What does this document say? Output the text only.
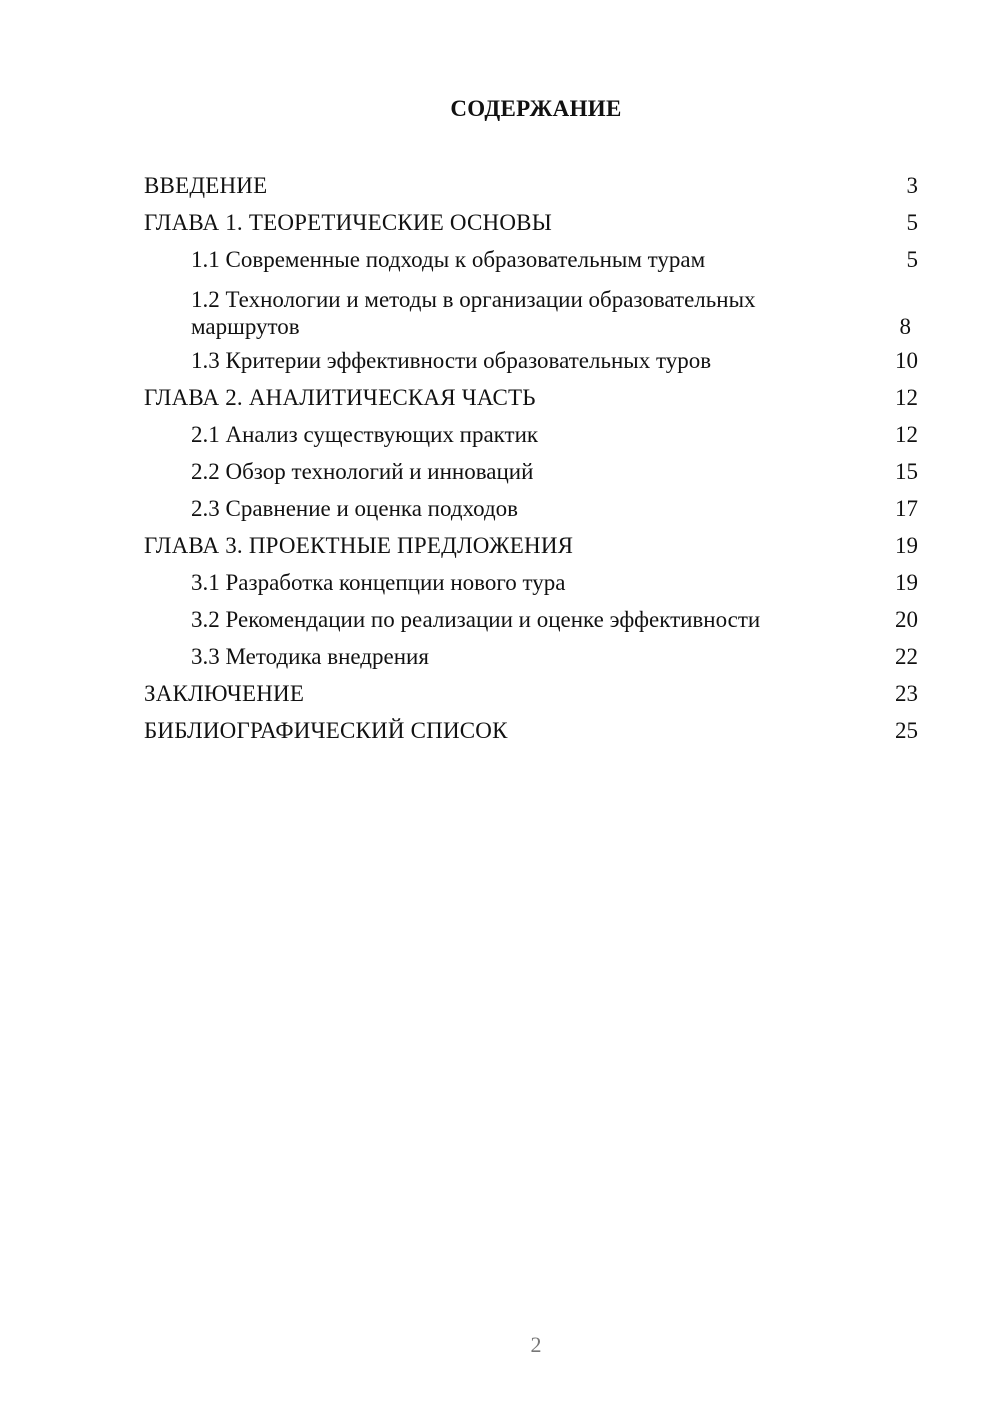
СОДЕРЖАНИЕ
ВВЕДЕНИЕ	3
ГЛАВА 1. ТЕОРЕТИЧЕСКИЕ ОСНОВЫ	5
1.1 Современные подходы к образовательным турам	5
1.2 Технологии и методы в организации образовательных маршрутов	8
1.3 Критерии эффективности образовательных туров	10
ГЛАВА 2. АНАЛИТИЧЕСКАЯ ЧАСТЬ	12
2.1 Анализ существующих практик	12
2.2 Обзор технологий и инноваций	15
2.3 Сравнение и оценка подходов	17
ГЛАВА 3. ПРОЕКТНЫЕ ПРЕДЛОЖЕНИЯ	19
3.1 Разработка концепции нового тура	19
3.2 Рекомендации по реализации и оценке эффективности	20
3.3 Методика внедрения	22
ЗАКЛЮЧЕНИЕ	23
БИБЛИОГРАФИЧЕСКИЙ СПИСОК	25
2
